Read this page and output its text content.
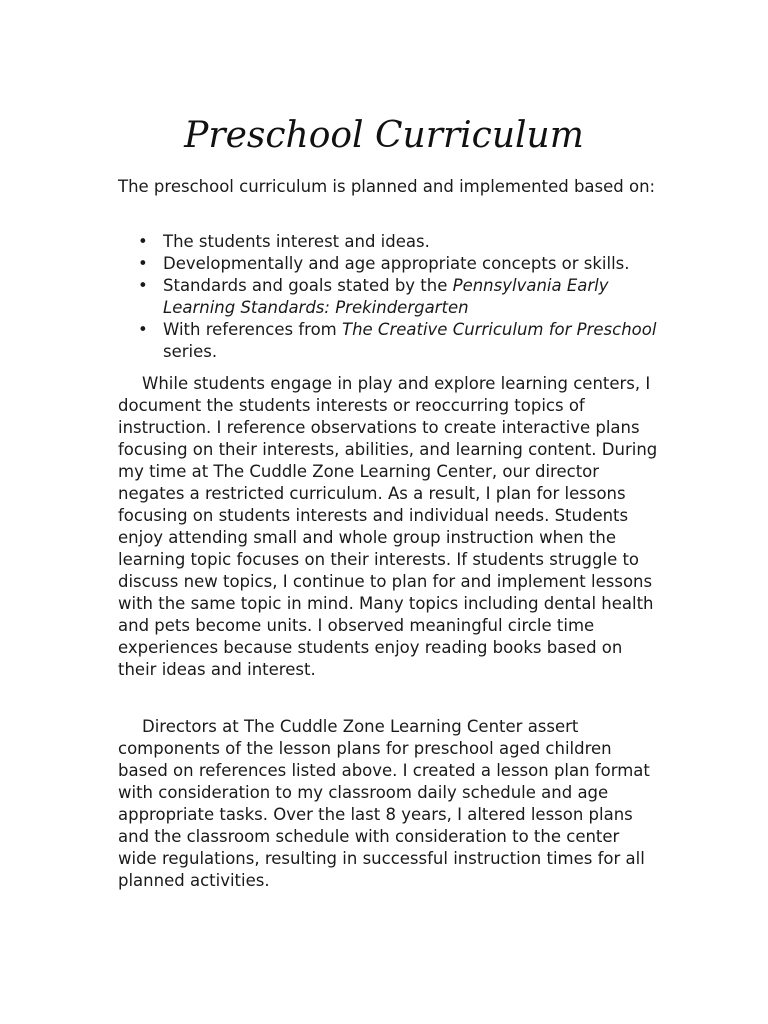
Preschool Curriculum

The preschool curriculum is planned and implemented based on:

• The students interest and ideas.
• Developmentally and age appropriate concepts or skills.
• Standards and goals stated by the Pennsylvania Early Learning Standards: Prekindergarten
• With references from The Creative Curriculum for Preschool series.

While students engage in play and explore learning centers, I document the students interests or reoccurring topics of instruction. I reference observations to create interactive plans focusing on their interests, abilities, and learning content. During my time at The Cuddle Zone Learning Center, our director negates a restricted curriculum. As a result, I plan for lessons focusing on students interests and individual needs. Students enjoy attending small and whole group instruction when the learning topic focuses on their interests. If students struggle to discuss new topics, I continue to plan for and implement lessons with the same topic in mind. Many topics including dental health and pets become units. I observed meaningful circle time experiences because students enjoy reading books based on their ideas and interest.

Directors at The Cuddle Zone Learning Center assert components of the lesson plans for preschool aged children based on references listed above. I created a lesson plan format with consideration to my classroom daily schedule and age appropriate tasks. Over the last 8 years, I altered lesson plans and the classroom schedule with consideration to the center wide regulations, resulting in successful instruction times for all planned activities.
